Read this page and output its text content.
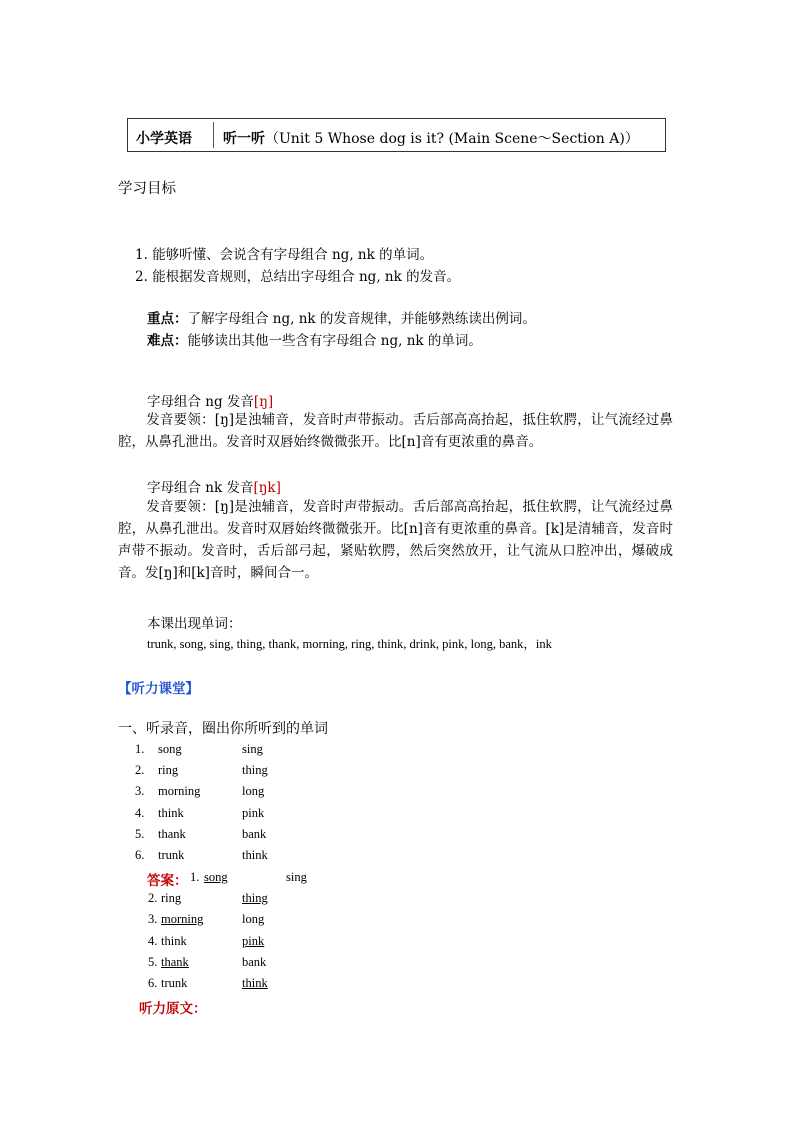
小学英语 听一听（Unit 5 Whose dog is it? (Main Scene～Section A)）
学习目标
1. 能够听懂、会说含有字母组合 ng, nk 的单词。
2. 能根据发音规则，总结出字母组合 ng, nk 的发音。
重点：了解字母组合 ng, nk 的发音规律，并能够熟练读出例词。
难点：能够读出其他一些含有字母组合 ng, nk 的单词。
字母组合 ng 发音[ŋ]
发音要领：[ŋ]是浊辅音，发音时声带振动。舌后部高高抬起，抵住软腭，让气流经过鼻腔，从鼻孔泄出。发音时双唇始终微微张开。比[n]音有更浓重的鼻音。
字母组合 nk 发音[ŋk]
发音要领：[ŋ]是浊辅音，发音时声带振动。舌后部高高抬起，抵住软腭，让气流经过鼻腔，从鼻孔泄出。发音时双唇始终微微张开。比[n]音有更浓重的鼻音。[k]是清辅音，发音时声带不振动。发音时，舌后部弓起，紧贴软腭，然后突然放开，让气流从口腔冲出，爆破成音。发[ŋ]和[k]音时，瞬间合一。
本课出现单词：
trunk, song, sing, thing, thank, morning, ring, think, drink, pink, long, bank，ink
【听力课堂】
一、听录音，圈出你所听到的单词
1. song	sing
2. ring	thing
3. morning	long
4. think	pink
5. thank	bank
6. trunk	think
答案： 1. song	sing
2. ring	thing
3. morning	long
4. think	pink
5. thank	bank
6. trunk	think
听力原文：
